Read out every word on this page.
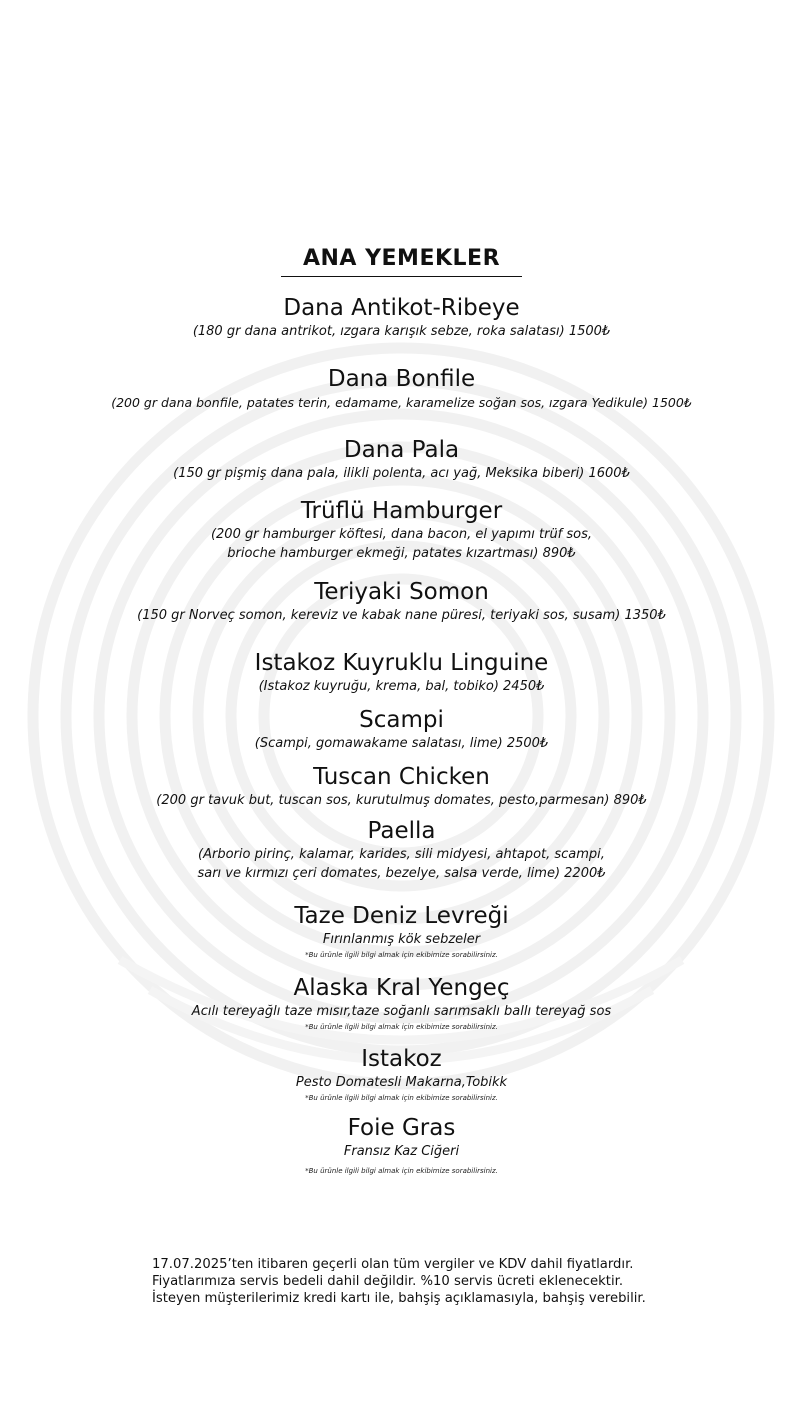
ANA YEMEKLER
Dana Antikot-Ribeye
(180 gr dana antrikot, ızgara karışık sebze, roka salatası) 1500₺
Dana Bonfile
(200 gr dana bonfile, patates terin, edamame, karamelize soğan sos, ızgara Yedikule) 1500₺
Dana Pala
(150 gr pişmiş dana pala, ilikli polenta, acı yağ, Meksika biberi) 1600₺
Trüflü Hamburger
(200 gr hamburger köftesi, dana bacon, el yapımı trüf sos,
brioche hamburger ekmeği, patates kızartması) 890₺
Teriyaki Somon
(150 gr Norveç somon, kereviz ve kabak nane püresi, teriyaki sos, susam) 1350₺
Istakoz Kuyruklu Linguine
(Istakoz kuyruğu, krema, bal, tobiko) 2450₺
Scampi
(Scampi, gomawakame salatası, lime) 2500₺
Tuscan Chicken
(200 gr tavuk but, tuscan sos, kurutulmuş domates, pesto,parmesan) 890₺
Paella
(Arborio pirinç, kalamar, karides, sili midyesi, ahtapot, scampi,
sarı ve kırmızı çeri domates, bezelye, salsa verde, lime) 2200₺
Taze Deniz Levreği
Fırınlanmış kök sebzeler
*Bu ürünle ilgili bilgi almak için ekibimize sorabilirsiniz.
Alaska Kral Yengeç
Acılı tereyağlı taze mısır,taze soğanlı sarımsaklı ballı tereyağ sos
*Bu ürünle ilgili bilgi almak için ekibimize sorabilirsiniz.
Istakoz
Pesto Domatesli Makarna,Tobikk
*Bu ürünle ilgili bilgi almak için ekibimize sorabilirsiniz.
Foie Gras
Fransız Kaz Ciğeri
*Bu ürünle ilgili bilgi almak için ekibimize sorabilirsiniz.
17.07.2025’ten itibaren geçerli olan tüm vergiler ve KDV dahil fiyatlardır.
Fiyatlarımıza servis bedeli dahil değildir. %10 servis ücreti eklenecektir.
İsteyen müşterilerimiz kredi kartı ile, bahşiş açıklamasıyla, bahşiş verebilir.
